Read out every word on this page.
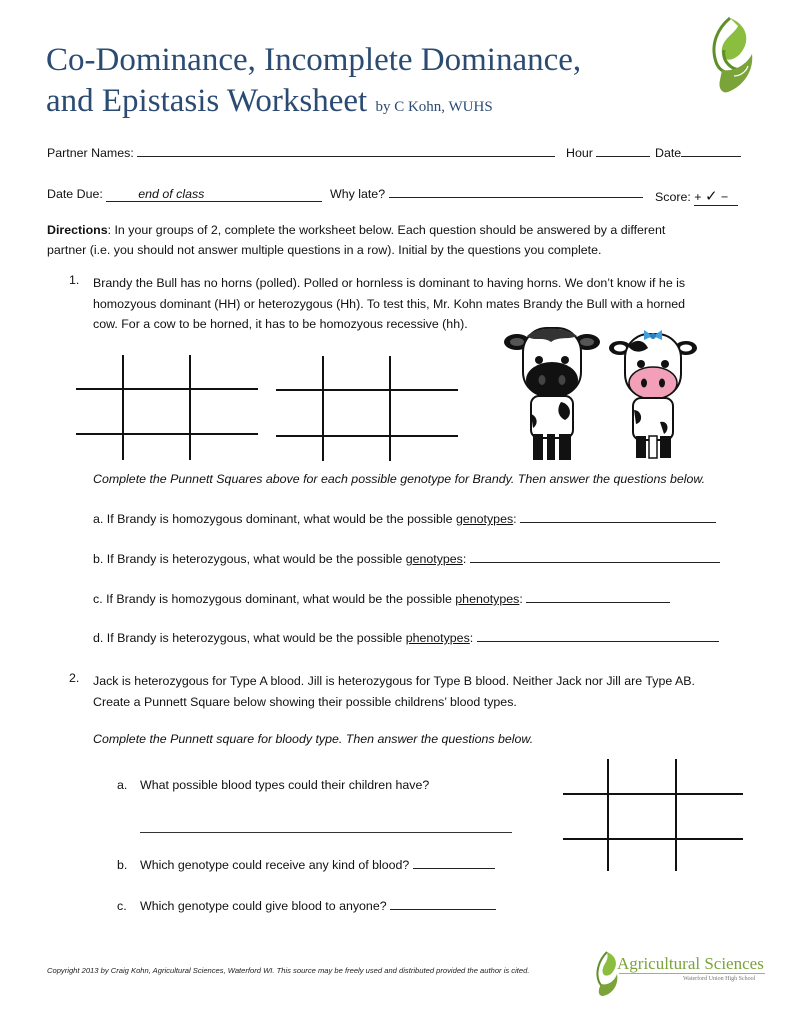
Co-Dominance, Incomplete Dominance,
and Epistasis Worksheet by C Kohn, WUHS
Partner Names:	Hour	Date
Date Due:	end of class	Why late?	Score: + ✓ −
Directions: In your groups of 2, complete the worksheet below. Each question should be answered by a different
partner (i.e. you should not answer multiple questions in a row). Initial by the questions you complete.
1. Brandy the Bull has no horns (polled). Polled or hornless is dominant to having horns. We don’t know if he is
homozyous dominant (HH) or heterozygous (Hh). To test this, Mr. Kohn mates Brandy the Bull with a horned
cow. For a cow to be horned, it has to be homozyous recessive (hh).
Complete the Punnett Squares above for each possible genotype for Brandy. Then answer the questions below.
a. If Brandy is homozygous dominant, what would be the possible genotypes:
b. If Brandy is heterozygous, what would be the possible genotypes:
c. If Brandy is homozygous dominant, what would be the possible phenotypes:
d. If Brandy is heterozygous, what would be the possible phenotypes:
2. Jack is heterozygous for Type A blood. Jill is heterozygous for Type B blood. Neither Jack nor Jill are Type AB.
Create a Punnett Square below showing their possible childrens’ blood types.
Complete the Punnett square for bloody type. Then answer the questions below.
a. What possible blood types could their children have?
b. Which genotype could receive any kind of blood?
c. Which genotype could give blood to anyone?
Copyright 2013 by Craig Kohn, Agricultural Sciences, Waterford WI. This source may be freely used and distributed provided the author is cited.	Agricultural Sciences
Waterford Union High School
